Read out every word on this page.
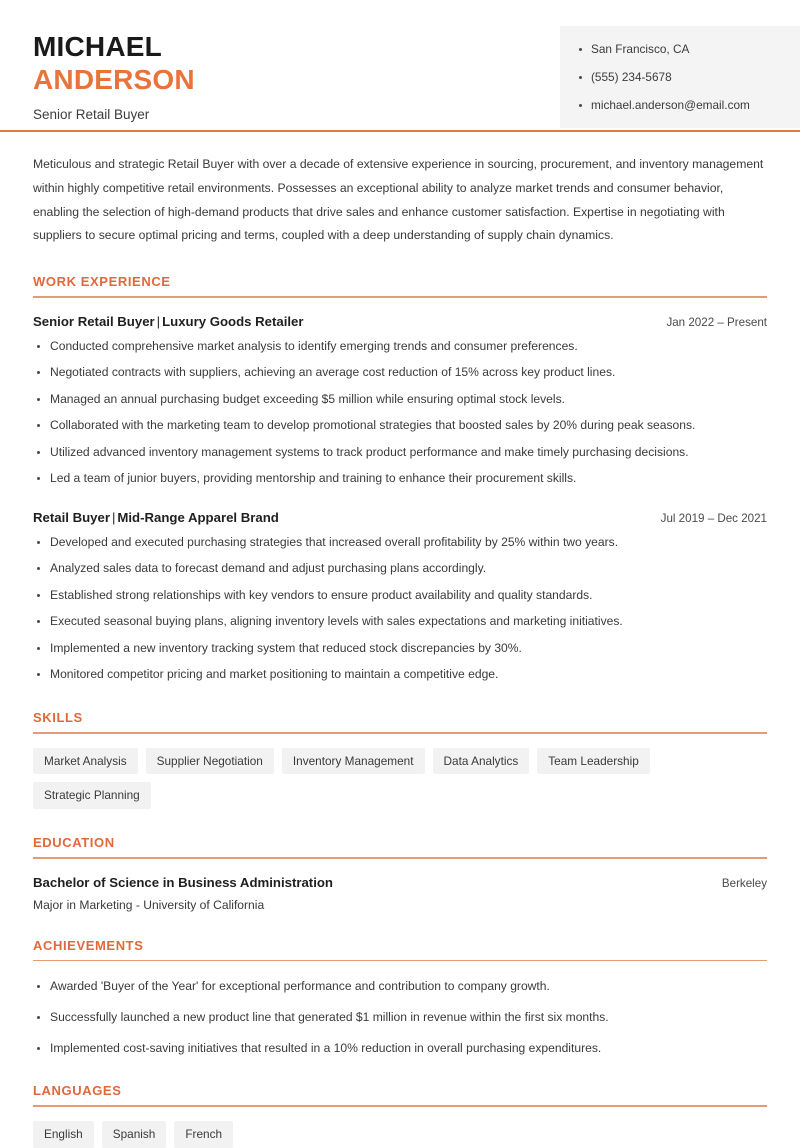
MICHAEL
ANDERSON
Senior Retail Buyer
San Francisco, CA
(555) 234-5678
michael.anderson@email.com

Meticulous and strategic Retail Buyer with over a decade of extensive experience in sourcing, procurement, and inventory management within highly competitive retail environments. Possesses an exceptional ability to analyze market trends and consumer behavior, enabling the selection of high-demand products that drive sales and enhance customer satisfaction. Expertise in negotiating with suppliers to secure optimal pricing and terms, coupled with a deep understanding of supply chain dynamics.

WORK EXPERIENCE
Senior Retail Buyer | Luxury Goods Retailer	Jan 2022 – Present
Conducted comprehensive market analysis to identify emerging trends and consumer preferences.
Negotiated contracts with suppliers, achieving an average cost reduction of 15% across key product lines.
Managed an annual purchasing budget exceeding $5 million while ensuring optimal stock levels.
Collaborated with the marketing team to develop promotional strategies that boosted sales by 20% during peak seasons.
Utilized advanced inventory management systems to track product performance and make timely purchasing decisions.
Led a team of junior buyers, providing mentorship and training to enhance their procurement skills.
Retail Buyer | Mid-Range Apparel Brand	Jul 2019 – Dec 2021
Developed and executed purchasing strategies that increased overall profitability by 25% within two years.
Analyzed sales data to forecast demand and adjust purchasing plans accordingly.
Established strong relationships with key vendors to ensure product availability and quality standards.
Executed seasonal buying plans, aligning inventory levels with sales expectations and marketing initiatives.
Implemented a new inventory tracking system that reduced stock discrepancies by 30%.
Monitored competitor pricing and market positioning to maintain a competitive edge.
SKILLS
Market Analysis	Supplier Negotiation	Inventory Management	Data Analytics	Team Leadership
Strategic Planning
EDUCATION
Bachelor of Science in Business Administration	Berkeley
Major in Marketing - University of California
ACHIEVEMENTS
Awarded 'Buyer of the Year' for exceptional performance and contribution to company growth.
Successfully launched a new product line that generated $1 million in revenue within the first six months.
Implemented cost-saving initiatives that resulted in a 10% reduction in overall purchasing expenditures.
LANGUAGES
English	Spanish	French
